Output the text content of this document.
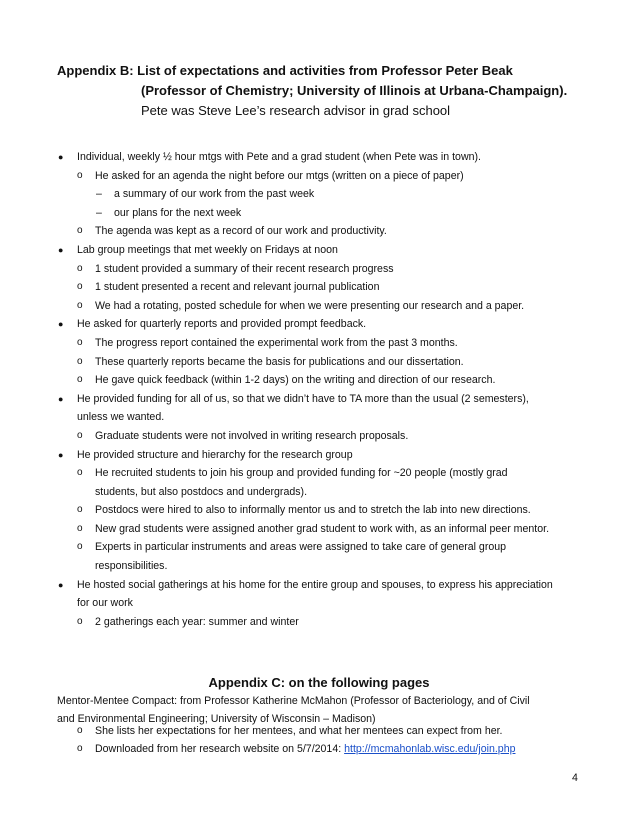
Appendix B: List of expectations and activities from Professor Peter Beak
(Professor of Chemistry; University of Illinois at Urbana-Champaign).
Pete was Steve Lee’s research advisor in grad school
● Individual, weekly ½ hour mtgs with Pete and a grad student (when Pete was in town).
o He asked for an agenda the night before our mtgs (written on a piece of paper)
– a summary of our work from the past week
– our plans for the next week
o The agenda was kept as a record of our work and productivity.
● Lab group meetings that met weekly on Fridays at noon
o 1 student provided a summary of their recent research progress
o 1 student presented a recent and relevant journal publication
o We had a rotating, posted schedule for when we were presenting our research and a paper.
● He asked for quarterly reports and provided prompt feedback.
o The progress report contained the experimental work from the past 3 months.
o These quarterly reports became the basis for publications and our dissertation.
o He gave quick feedback (within 1-2 days) on the writing and direction of our research.
● He provided funding for all of us, so that we didn’t have to TA more than the usual (2 semesters),
unless we wanted.
o Graduate students were not involved in writing research proposals.
● He provided structure and hierarchy for the research group
o He recruited students to join his group and provided funding for ~20 people (mostly grad
students, but also postdocs and undergrads).
o Postdocs were hired to also to informally mentor us and to stretch the lab into new directions.
o New grad students were assigned another grad student to work with, as an informal peer mentor.
o Experts in particular instruments and areas were assigned to take care of general group
responsibilities.
● He hosted social gatherings at his home for the entire group and spouses, to express his appreciation
for our work
o 2 gatherings each year: summer and winter
Appendix C: on the following pages
Mentor-Mentee Compact: from Professor Katherine McMahon (Professor of Bacteriology, and of Civil
and Environmental Engineering; University of Wisconsin – Madison)
o She lists her expectations for her mentees, and what her mentees can expect from her.
o Downloaded from her research website on 5/7/2014: http://mcmahonlab.wisc.edu/join.php
4
